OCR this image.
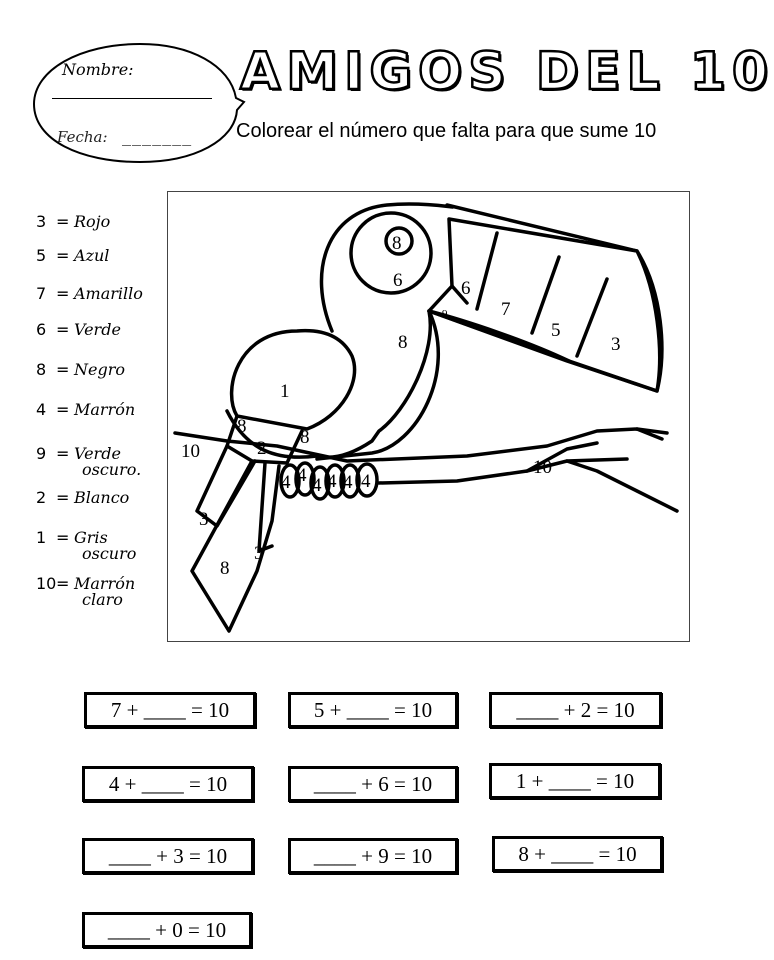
Nombre:
Fecha: _______
AMIGOS DEL 10
Colorear el número que falta para que sume 10
3 = Rojo
5 = Azul
7 = Amarillo
6 = Verde
8 = Negro
4 = Marrón
9 = Verde
oscuro.
2 = Blanco
1 = Gris
oscuro
10= Marrón
claro
8
6	6
7
5
3
9
8
1
8
2
8
10
3
3
8
10
4 4 4 4 4 4
7 + ____ = 10	5 + ____ = 10	____ + 2 = 10
4 + ____ = 10	____ + 6 = 10	1 + ____ = 10
____ + 3 = 10	____ + 9 = 10	8 + ____ = 10
____ + 0 = 10
